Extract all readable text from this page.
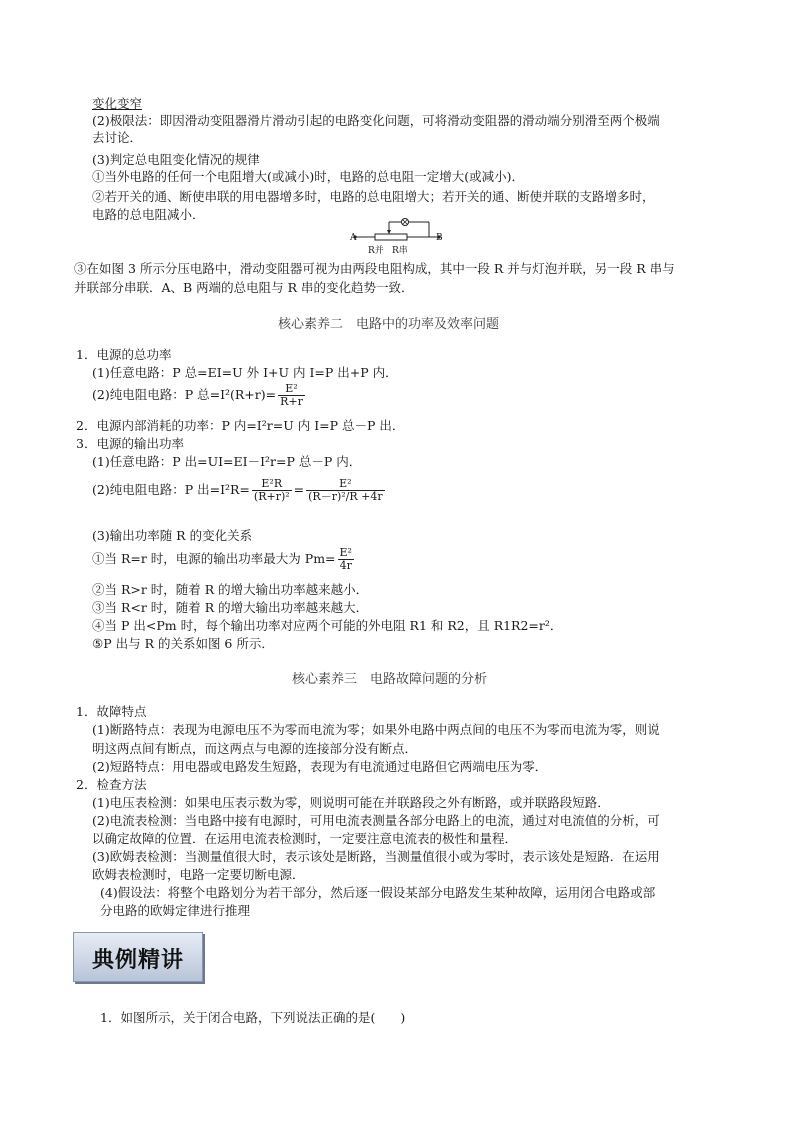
变化变窄
(2)极限法：即因滑动变阻器滑片滑动引起的电路变化问题，可将滑动变阻器的滑动端分别滑至两个极端
去讨论．
(3)判定总电阻变化情况的规律
①当外电路的任何一个电阻增大(或减小)时，电路的总电阻一定增大(或减小)．
②若开关的通、断使串联的用电器增多时，电路的总电阻增大；若开关的通、断使并联的支路增多时，
电路的总电阻减小．
A	B
R并 R串
③在如图 3 所示分压电路中，滑动变阻器可视为由两段电阻构成，其中一段 R 并与灯泡并联，另一段 R 串与
并联部分串联．A、B 两端的总电阻与 R 串的变化趋势一致．
核心素养二　电路中的功率及效率问题
1．电源的总功率
(1)任意电路：P 总=EI=U 外 I+U 内 I=P 出+P 内．
(2)纯电阻电路：P 总$=I^2(R+r)= \frac{\text{E²}}{R+r}$
2．电源内部消耗的功率：P 内=I²r=U 内 I=P 总－P 出．
3．电源的输出功率
(1)任意电路：P 出=UI=EI－I²r=P 总－P 内．
(2)纯电阻电路：P 出$=I^2R= \frac{\text{E²R}}{\text{(R+r)²}} = \frac{\text{E²}}{\text{(R－r)²/R +4r}}$
(3)输出功率随 R 的变化关系
①当 R=r 时，电源的输出功率最大为 $Pm= \frac{\text{E²}}{4r}$
②当 R>r 时，随着 R 的增大输出功率越来越小．
③当 R<r 时，随着 R 的增大输出功率越来越大．
④当 P 出<Pm 时，每个输出功率对应两个可能的外电阻 R1 和 R2，且 R1R2=r²．
⑤P 出与 R 的关系如图 6 所示．
核心素养三　电路故障问题的分析
1．故障特点
(1)断路特点：表现为电源电压不为零而电流为零；如果外电路中两点间的电压不为零而电流为零，则说
明这两点间有断点，而这两点与电源的连接部分没有断点．
(2)短路特点：用电器或电路发生短路，表现为有电流通过电路但它两端电压为零．
2．检查方法
(1)电压表检测：如果电压表示数为零，则说明可能在并联路段之外有断路，或并联路段短路．
(2)电流表检测：当电路中接有电源时，可用电流表测量各部分电路上的电流，通过对电流值的分析，可
以确定故障的位置．在运用电流表检测时，一定要注意电流表的极性和量程．
(3)欧姆表检测：当测量值很大时，表示该处是断路，当测量值很小或为零时，表示该处是短路．在运用
欧姆表检测时，电路一定要切断电源．
(4)假设法：将整个电路划分为若干部分，然后逐一假设某部分电路发生某种故障，运用闭合电路或部
分电路的欧姆定律进行推理
典例精讲
1．如图所示，关于闭合电路，下列说法正确的是(　　)
